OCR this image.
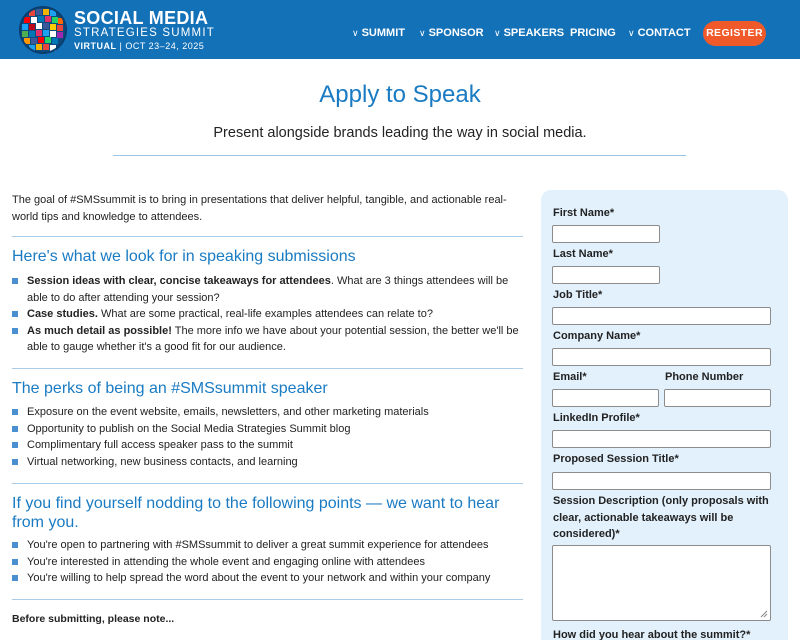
SOCIAL MEDIA
STRATEGIES SUMMIT
VIRTUAL | OCT 23–24, 2025
∨ SUMMIT ∨ SPONSOR ∨ SPEAKERS PRICING ∨ CONTACT REGISTER
Apply to Speak
Present alongside brands leading the way in social media.
The goal of #SMSsummit is to bring in presentations that deliver helpful, tangible, and actionable real-world tips and knowledge to attendees.
Here's what we look for in speaking submissions
Session ideas with clear, concise takeaways for attendees. What are 3 things attendees will be able to do after attending your session?
Case studies. What are some practical, real-life examples attendees can relate to?
As much detail as possible! The more info we have about your potential session, the better we'll be able to gauge whether it's a good fit for our audience.
The perks of being an #SMSsummit speaker
Exposure on the event website, emails, newsletters, and other marketing materials
Opportunity to publish on the Social Media Strategies Summit blog
Complimentary full access speaker pass to the summit
Virtual networking, new business contacts, and learning
If you find yourself nodding to the following points — we want to hear from you.
You're open to partnering with #SMSsummit to deliver a great summit experience for attendees
You're interested in attending the whole event and engaging online with attendees
You're willing to help spread the word about the event to your network and within your company
Before submitting, please note...
First Name*
Last Name*
Job Title*
Company Name*
Email*	Phone Number
LinkedIn Profile*
Proposed Session Title*
Session Description (only proposals with clear, actionable takeaways will be considered)*
How did you hear about the summit?*
